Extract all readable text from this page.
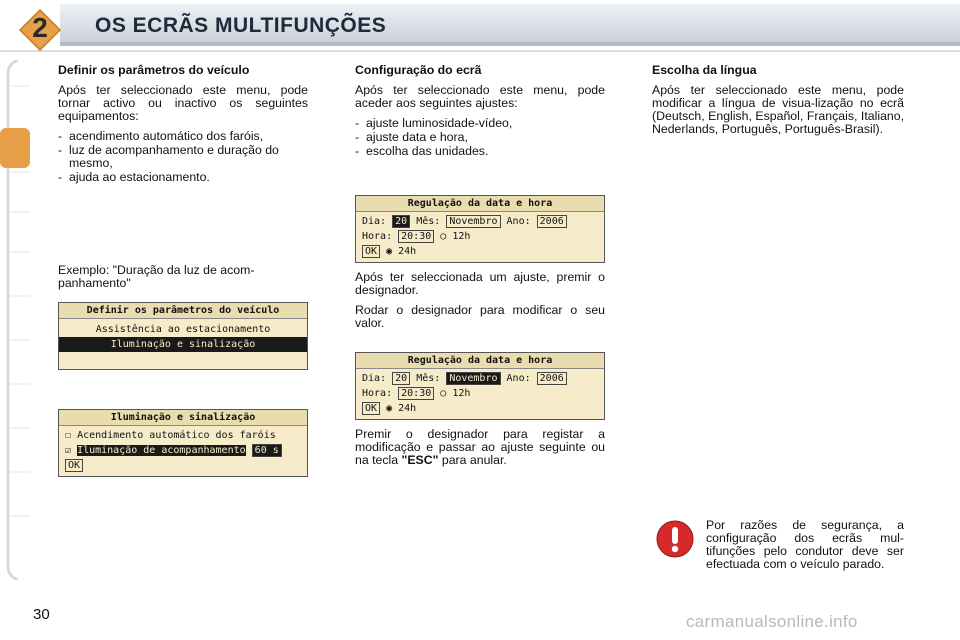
2	OS ECRÃS MULTIFUNÇÕES
Definir os parâmetros do veículo

Após ter seleccionado este menu, pode tornar activo ou inactivo os seguintes equipamentos:

- acendimento automático dos faróis,
- luz de acompanhamento e duração do mesmo,
- ajuda ao estacionamento.

Exemplo: "Duração da luz de acom-panhamento"

Definir os parâmetros do veículo
Assistência ao estacionamento
Iluminação e sinalização
Iluminação e sinalização
☐ Acendimento automático dos faróis
☑ Iluminação de acompanhamento 60 s
OK
Configuração do ecrã

Após ter seleccionado este menu, pode aceder aos seguintes ajustes:

- ajuste luminosidade-vídeo,
- ajuste data e hora,
- escolha das unidades.
Regulação da data e hora
Dia: 20 Mês: Novembro Ano: 2006
Hora: 20:30 ○ 12h
OK ◉ 24h

Após ter seleccionada um ajuste, premir o designador.

Rodar o designador para modificar o seu valor.

Regulação da data e hora
Dia: 20 Mês: Novembro Ano: 2006
Hora: 20:30 ○ 12h
OK ◉ 24h

Premir o designador para registar a modificação e passar ao ajuste seguinte ou na tecla "ESC" para anular.

Escolha da língua

Após ter seleccionado este menu, pode modificar a língua de visua-lização no ecrã (Deutsch, English, Español, Français, Italiano, Nederlands, Português, Português-Brasil).

Por razões de segurança, a configuração dos ecrãs mul-tifunções pelo condutor deve ser efectuada com o veículo parado.

30	carmanualsonline.info
